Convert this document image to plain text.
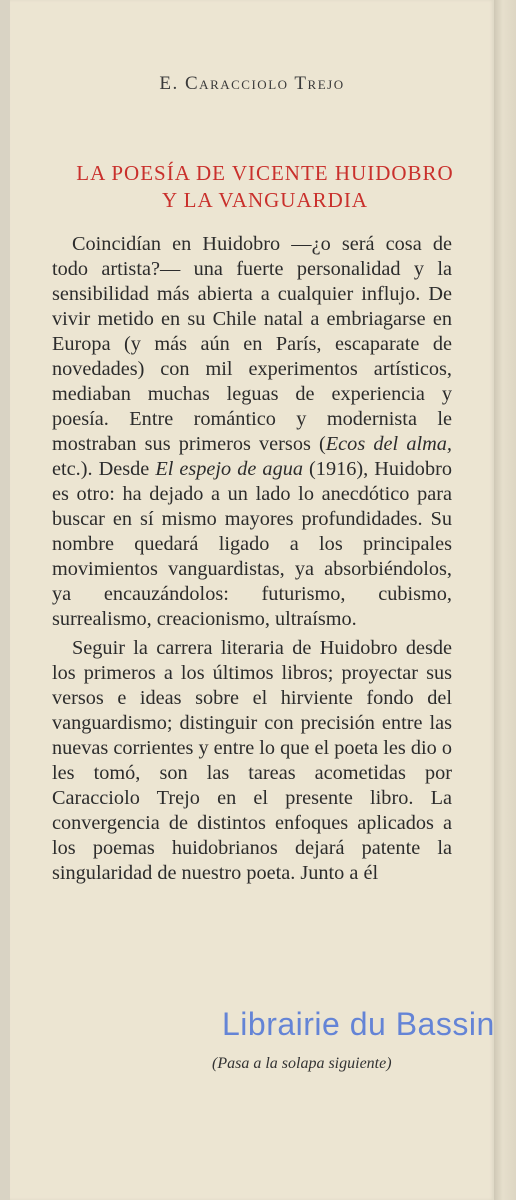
E. Caracciolo Trejo
LA POESÍA DE VICENTE HUIDOBRO
Y LA VANGUARDIA

Coincidían en Huidobro —¿o será cosa de todo artista?— una fuerte personalidad y la sensibilidad más abierta a cualquier influjo. De vivir metido en su Chile natal a embriagarse en Europa (y más aún en París, escaparate de novedades) con mil experimentos artísticos, mediaban muchas leguas de experiencia y poesía. Entre romántico y modernista le mostraban sus primeros versos (Ecos del alma, etc.). Desde El espejo de agua (1916), Huidobro es otro: ha dejado a un lado lo anecdótico para buscar en sí mismo mayores profundidades. Su nombre quedará ligado a los principales movimientos vanguardistas, ya absorbiéndolos, ya encauzándolos: futurismo, cubismo, surrealismo, creacionismo, ultraísmo.

Seguir la carrera literaria de Huidobro desde los primeros a los últimos libros; proyectar sus versos e ideas sobre el hirviente fondo del vanguardismo; distinguir con precisión entre las nuevas corrientes y entre lo que el poeta les dio o les tomó, son las tareas acometidas por Caracciolo Trejo en el presente libro. La convergencia de distintos enfoques aplicados a los poemas huidobrianos dejará patente la singularidad de nuestro poeta. Junto a él

Librairie du Bassin
(Pasa a la solapa siguiente)
